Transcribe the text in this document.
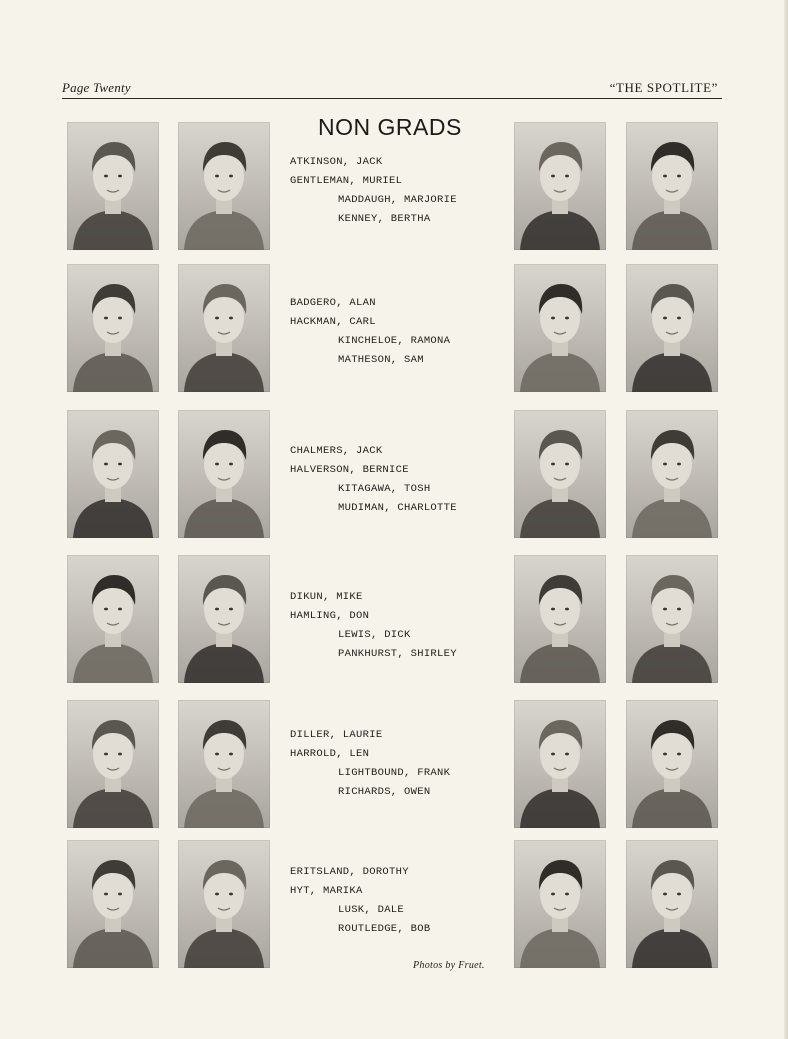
Page Twenty	“THE SPOTLITE”
NON GRADS
ATKINSON, JACK
GENTLEMAN, MURIEL
MADDAUGH, MARJORIE
KENNEY, BERTHA
BADGERO, ALAN
HACKMAN, CARL
KINCHELOE, RAMONA
MATHESON, SAM
CHALMERS, JACK
HALVERSON, BERNICE
KITAGAWA, TOSH
MUDIMAN, CHARLOTTE
DIKUN, MIKE
HAMLING, DON
LEWIS, DICK
PANKHURST, SHIRLEY
DILLER, LAURIE
HARROLD, LEN
LIGHTBOUND, FRANK
RICHARDS, OWEN
ERITSLAND, DOROTHY
HYT, MARIKA
LUSK, DALE
ROUTLEDGE, BOB
Photos by Fruet.
